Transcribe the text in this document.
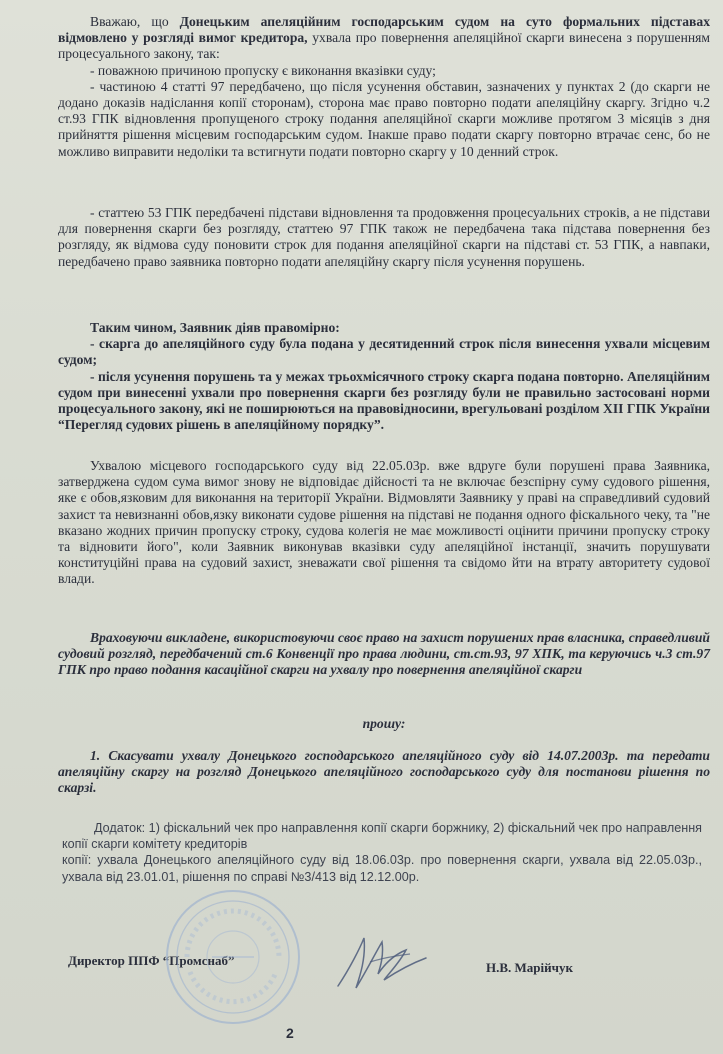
Вважаю, що Донецьким апеляційним господарським судом на суто формальних підставах відмовлено у розгляді вимог кредитора, ухвала про повернення апеляційної скарги винесена з порушенням процесуального закону, так:

- поважною причиною пропуску є виконання вказівки суду;

- частиною 4 статті 97 передбачено, що після усунення обставин, зазначених у пунктах 2 (до скарги не додано доказів надіслання копії сторонам), сторона має право повторно подати апеляційну скаргу. Згідно ч.2 ст.93 ГПК відновлення пропущеного строку подання апеляційної скарги можливе протягом 3 місяців з дня прийняття рішення місцевим господарським судом. Інакше право подати скаргу повторно втрачає сенс, бо не можливо виправити недоліки та встигнути подати повторно скаргу у 10 денний строк.

- статтею 53 ГПК передбачені підстави відновлення та продовження процесуальних строків, а не підстави для повернення скарги без розгляду, статтею 97 ГПК також не передбачена така підстава повернення без розгляду, як відмова суду поновити строк для подання апеляційної скарги на підставі ст. 53 ГПК, а навпаки, передбачено право заявника повторно подати апеляційну скаргу після усунення порушень.

Таким чином, Заявник діяв правомірно:

- скарга до апеляційного суду була подана у десятиденний строк після винесення ухвали місцевим судом;

- після усунення порушень та у межах трьохмісячного строку скарга подана повторно. Апеляційним судом при винесенні ухвали про повернення скарги без розгляду були не правильно застосовані норми процесуального закону, які не поширюються на правовідносини, врегульовані розділом XII ГПК України “Перегляд судових рішень в апеляційному порядку”.

Ухвалою місцевого господарського суду від 22.05.03р. вже вдруге були порушені права Заявника, затверджена судом сума вимог знову не відповідає дійсності та не включає безспірну суму судового рішення, яке є обов,язковим для виконання на території України. Відмовляти Заявнику у праві на справедливий судовий захист та невизнанні обов,язку виконати судове рішення на підставі не подання одного фіскального чеку, та "не вказано жодних причин пропуску строку, судова колегія не має можливості оцінити причини пропуску строку та відновити його", коли Заявник виконував вказівки суду апеляційної інстанції, значить порушувати конституційні права на судовий захист, зневажати свої рішення та свідомо йти на втрату авторитету судової влади.

Враховуючи викладене, використовуючи своє право на захист порушених прав власника, справедливий судовий розгляд, передбачений ст.6 Конвенції про права людини, ст.ст.93, 97 ХПК, та керуючись ч.3 ст.97 ГПК про право подання касаційної скарги на ухвалу про повернення апеляційної скарги

прошу:

1. Скасувати ухвалу Донецького господарського апеляційного суду від 14.07.2003р. та передати апеляційну скаргу на розгляд Донецького апеляційного господарського суду для постанови рішення по скарзі.

Додаток: 1) фіскальний чек про направлення копії скарги боржнику, 2) фіскальний чек про направлення копії скарги комітету кредиторів

копії: ухвала Донецького апеляційного суду від 18.06.03р. про повернення скарги, ухвала від 22.05.03р., ухвала від 23.01.01, рішення по справі №3/413 від 12.12.00р.

Директор ППФ “Промснаб”	Н.В. Марійчук
2
